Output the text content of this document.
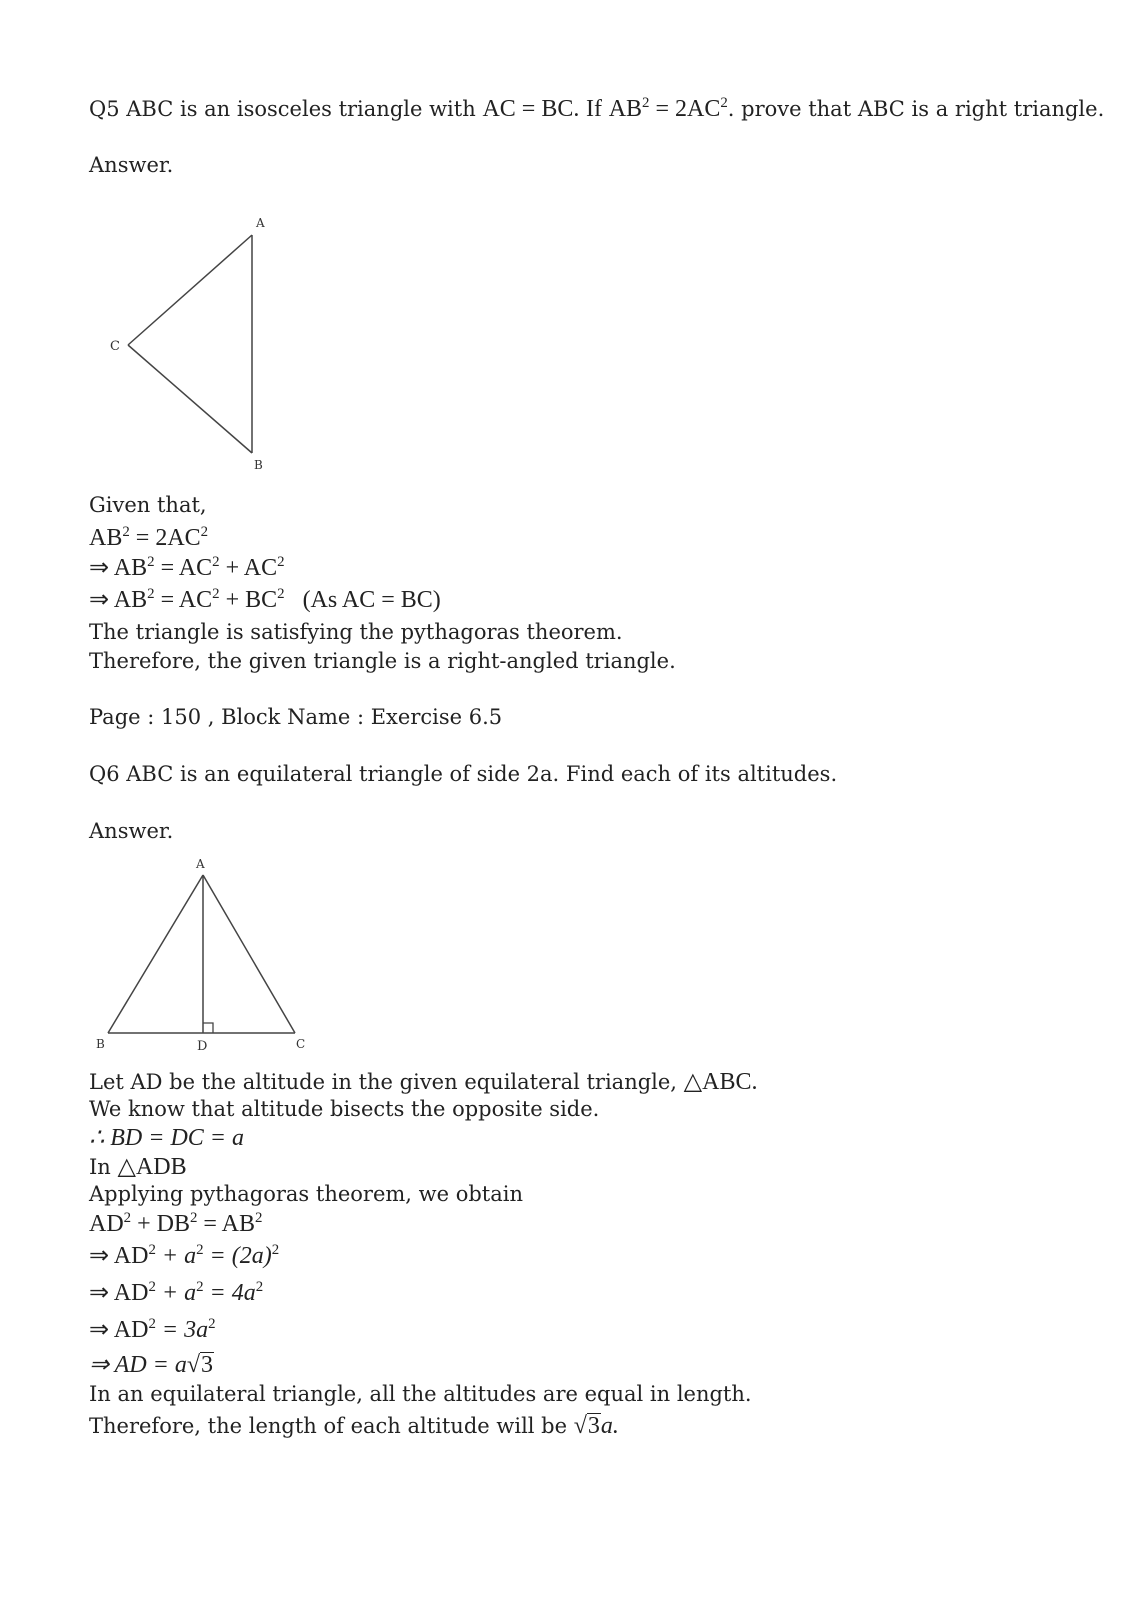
Q5 ABC is an isosceles triangle with AC = BC. If $AB^2 = 2AC^2$. prove that ABC is a right triangle.
Answer.
A
C
B
Given that,
$AB^2 = 2AC^2$
⇒ $AB^2 = AC^2 + AC^2$
⇒ $AB^2 = AC^2 + BC^2$ (As AC = BC)
The triangle is satisfying the pythagoras theorem.
Therefore, the given triangle is a right-angled triangle.
Page : 150 , Block Name : Exercise 6.5
Q6 ABC is an equilateral triangle of side 2a. Find each of its altitudes.
Answer.
A
B	D	C
Let AD be the altitude in the given equilateral triangle, △ABC.
We know that altitude bisects the opposite side.
∴ BD = DC = a
In △ADB
Applying pythagoras theorem, we obtain
$AD^2 + DB^2 = AB^2$
⇒ $AD^2 + a^2 = (2a)^2$
⇒ $AD^2 + a^2 = 4a^2$
⇒ $AD^2 = 3a^2$
⇒ AD = a√3
In an equilateral triangle, all the altitudes are equal in length.
Therefore, the length of each altitude will be √3a.
